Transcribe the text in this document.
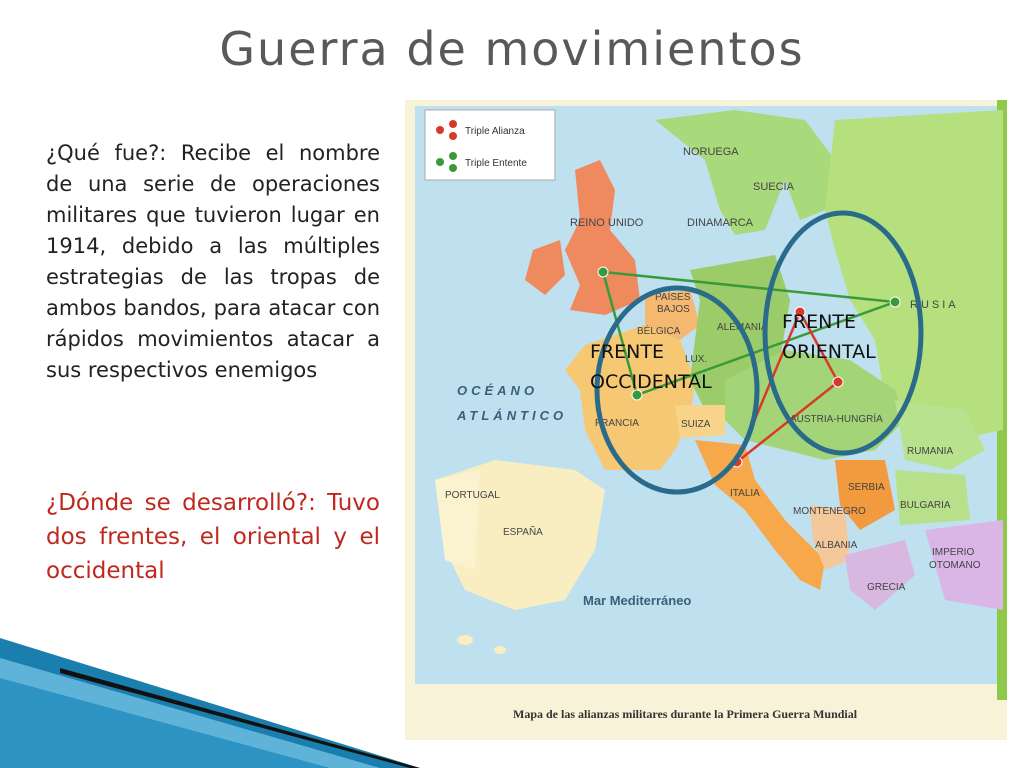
Guerra de movimientos
¿Qué fue?: Recibe el nombre de una serie de operaciones militares que tuvieron lugar en 1914, debido a las múltiples estrategias de las tropas de ambos bandos, para atacar con rápidos movimientos atacar a sus respectivos enemigos
¿Dónde se desarrolló?: Tuvo dos frentes, el oriental y el occidental
Triple Alianza
Triple Entente
NORUEGA
SUECIA
REINO UNIDO	DINAMARCA
RUSIA
PAÍSES
BAJOS
BÉLGICA	ALEMANIA
LUX.
FRANCIA	SUIZA	AUSTRIA-HUNGRÍA
RUMANIA
PORTUGAL
ESPAÑA
ITALIA
SERBIA
BULGARIA
MONTENEGRO
ALBANIA
GRECIA
IMPERIO
OTOMANO
OCÉANO
ATLÁNTICO
Mar Mediterráneo
FRENTE
OCCIDENTAL
FRENTE
ORIENTAL
Mapa de las alianzas militares durante la Primera Guerra Mundial
